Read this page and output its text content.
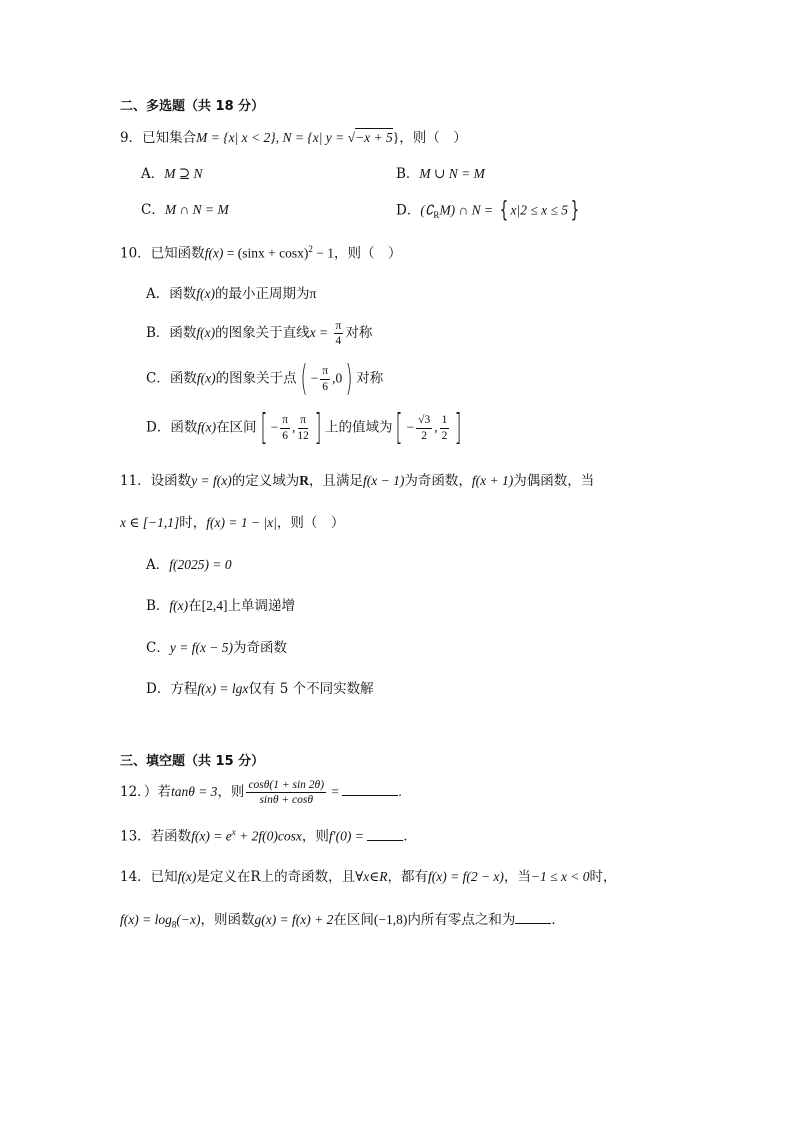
二、多选题（共 18 分）
9．已知集合M = {x| x < 2}, N = {x| y = √−x + 5}，则（　）
A．M ⊇ N	B．M ∪ N = M
C．M ∩ N = M	D．$(∁_RM)$ ∩ N = { x|2 ≤ x ≤ 5 }
10．已知函数$f(x) = (\sin x + \cos x)^2 - 1$，则（　）
A．函数f(x)的最小正周期为π
B．函数f(x)的图象关于直线$x = \frac{\pi}{4}$ 对称
C．函数f(x)的图象关于点( − $\frac{\pi}{6} ,0$) 对称
D．函数f(x)在区间[ − $\frac{\pi}{6}$ , $\frac{\pi}{12}$ ] 上的值域为[ − $\frac{√3}{2}$ , $\frac{1}{2}$ ]
11．设函数y = f(x)的定义域为R，且满足f(x − 1)为奇函数，f(x + 1)为偶函数，当
x ∈ [−1,1]时，f(x) = 1 − |x|，则（　）
A．f(2025) = 0
B．f(x)在[2,4]上单调递增
C．y = f(x − 5)为奇函数
D．方程f(x) = lgx仅有 5 个不同实数解
三、填空题（共 15 分）
12．）若tanθ = 3，则 $\frac{\cos\theta(1 + \sin 2\theta)}{\sin\theta + \cos\theta}$ =	.
13．若函数$f(x) = e^x + 2f(0)\cos x$，则f′(0) =	．
14．已知f(x)是定义在R上的奇函数，且∀x∈R，都有f(x) = f(2 − x)，当−1 ≤ x < 0时，
$f(x) = \log_8(-x)$，则函数g(x) = f(x) + 2在区间(−1,8)内所有零点之和为	．
